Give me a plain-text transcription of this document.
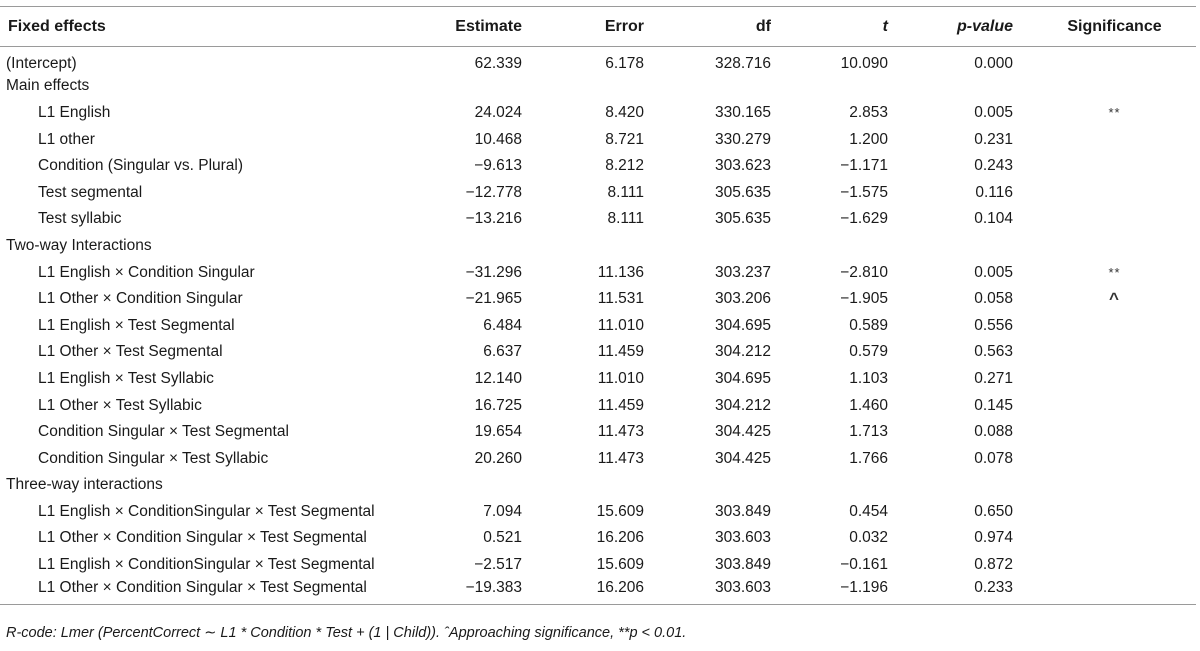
Fixed effects	Estimate	Error	df	t	p-value	Significance
(Intercept)	62.339	6.178	328.716	10.090	0.000	
Main effects						
L1 English	24.024	8.420	330.165	2.853	0.005	**
L1 other	10.468	8.721	330.279	1.200	0.231	
Condition (Singular vs. Plural)	−9.613	8.212	303.623	−1.171	0.243	
Test segmental	−12.778	8.111	305.635	−1.575	0.116	
Test syllabic	−13.216	8.111	305.635	−1.629	0.104	
Two-way Interactions						
L1 English × Condition Singular	−31.296	11.136	303.237	−2.810	0.005	**
L1 Other × Condition Singular	−21.965	11.531	303.206	−1.905	0.058	^
L1 English × Test Segmental	6.484	11.010	304.695	0.589	0.556	
L1 Other × Test Segmental	6.637	11.459	304.212	0.579	0.563	
L1 English × Test Syllabic	12.140	11.010	304.695	1.103	0.271	
L1 Other × Test Syllabic	16.725	11.459	304.212	1.460	0.145	
Condition Singular × Test Segmental	19.654	11.473	304.425	1.713	0.088	
Condition Singular × Test Syllabic	20.260	11.473	304.425	1.766	0.078	
Three-way interactions						
L1 English × ConditionSingular × Test Segmental	7.094	15.609	303.849	0.454	0.650	
L1 Other × Condition Singular × Test Segmental	0.521	16.206	303.603	0.032	0.974	
L1 English × ConditionSingular × Test Segmental	−2.517	15.609	303.849	−0.161	0.872	
L1 Other × Condition Singular × Test Segmental	−19.383	16.206	303.603	−1.196	0.233	
R-code: Lmer (PercentCorrect ∼ L1 * Condition * Test + (1 | Child)). ˆApproaching significance, **p < 0.01.
